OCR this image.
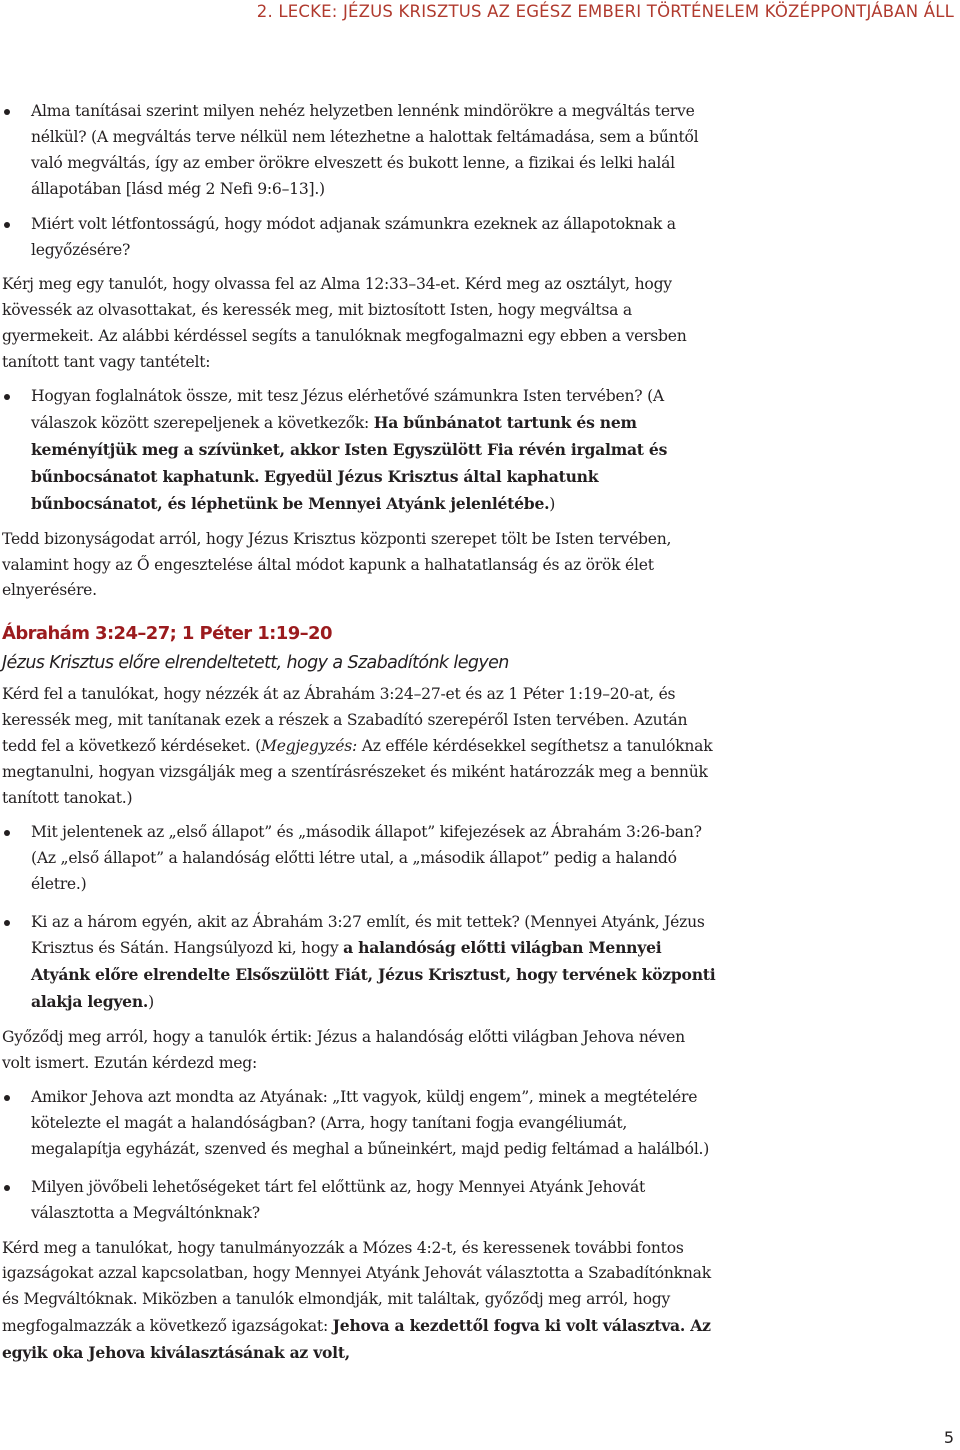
2. LECKE: JÉZUS KRISZTUS AZ EGÉSZ EMBERI TÖRTÉNELEM KÖZÉPPONTJÁBAN ÁLL
Alma tanításai szerint milyen nehéz helyzetben lennénk mindörökre a megváltás terve nélkül? (A megváltás terve nélkül nem létezhetne a halottak feltámadása, sem a bűntől való megváltás, így az ember örökre elveszett és bukott lenne, a fizikai és lelki halál állapotában [lásd még 2 Nefi 9:6–13].)
Miért volt létfontosságú, hogy módot adjanak számunkra ezeknek az állapotoknak a legyőzésére?

Kérj meg egy tanulót, hogy olvassa fel az Alma 12:33–34-et. Kérd meg az osztályt, hogy kövessék az olvasottakat, és keressék meg, mit biztosított Isten, hogy megváltsa a gyermekeit. Az alábbi kérdéssel segíts a tanulóknak megfogalmazni egy ebben a versben tanított tant vagy tantételt:

Hogyan foglalnátok össze, mit tesz Jézus elérhetővé számunkra Isten tervében? (A válaszok között szerepeljenek a következők: Ha bűnbánatot tartunk és nem keményítjük meg a szívünket, akkor Isten Egyszülött Fia révén irgalmat és bűnbocsánatot kaphatunk. Egyedül Jézus Krisztus által kaphatunk bűnbocsánatot, és léphetünk be Mennyei Atyánk jelenlétébe.)

Tedd bizonyságodat arról, hogy Jézus Krisztus központi szerepet tölt be Isten tervében, valamint hogy az Ő engesztelése által módot kapunk a halhatatlanság és az örök élet elnyerésére.

Ábrahám 3:24–27; 1 Péter 1:19–20
Jézus Krisztus előre elrendeltetett, hogy a Szabadítónk legyen

Kérd fel a tanulókat, hogy nézzék át az Ábrahám 3:24–27-et és az 1 Péter 1:19–20-at, és keressék meg, mit tanítanak ezek a részek a Szabadító szerepéről Isten tervében. Azután tedd fel a következő kérdéseket. (Megjegyzés: Az efféle kérdésekkel segíthetsz a tanulóknak megtanulni, hogyan vizsgálják meg a szentírásrészeket és miként határozzák meg a bennük tanított tanokat.)

Mit jelentenek az „első állapot” és „második állapot” kifejezések az Ábrahám 3:26-ban? (Az „első állapot” a halandóság előtti létre utal, a „második állapot” pedig a halandó életre.)
Ki az a három egyén, akit az Ábrahám 3:27 említ, és mit tettek? (Mennyei Atyánk, Jézus Krisztus és Sátán. Hangsúlyozd ki, hogy a halandóság előtti világban Mennyei Atyánk előre elrendelte Elsőszülött Fiát, Jézus Krisztust, hogy tervének központi alakja legyen.)

Győződj meg arról, hogy a tanulók értik: Jézus a halandóság előtti világban Jehova néven volt ismert. Ezután kérdezd meg:

Amikor Jehova azt mondta az Atyának: „Itt vagyok, küldj engem”, minek a megtételére kötelezte el magát a halandóságban? (Arra, hogy tanítani fogja evangéliumát, megalapítja egyházát, szenved és meghal a bűneinkért, majd pedig feltámad a halálból.)
Milyen jövőbeli lehetőségeket tárt fel előttünk az, hogy Mennyei Atyánk Jehovát választotta a Megváltónknak?

Kérd meg a tanulókat, hogy tanulmányozzák a Mózes 4:2-t, és keressenek további fontos igazságokat azzal kapcsolatban, hogy Mennyei Atyánk Jehovát választotta a Szabadítónknak és Megváltóknak. Miközben a tanulók elmondják, mit találtak, győződj meg arról, hogy megfogalmazzák a következő igazságokat: Jehova a kezdettől fogva ki volt választva. Az egyik oka Jehova kiválasztásának az volt,

5
